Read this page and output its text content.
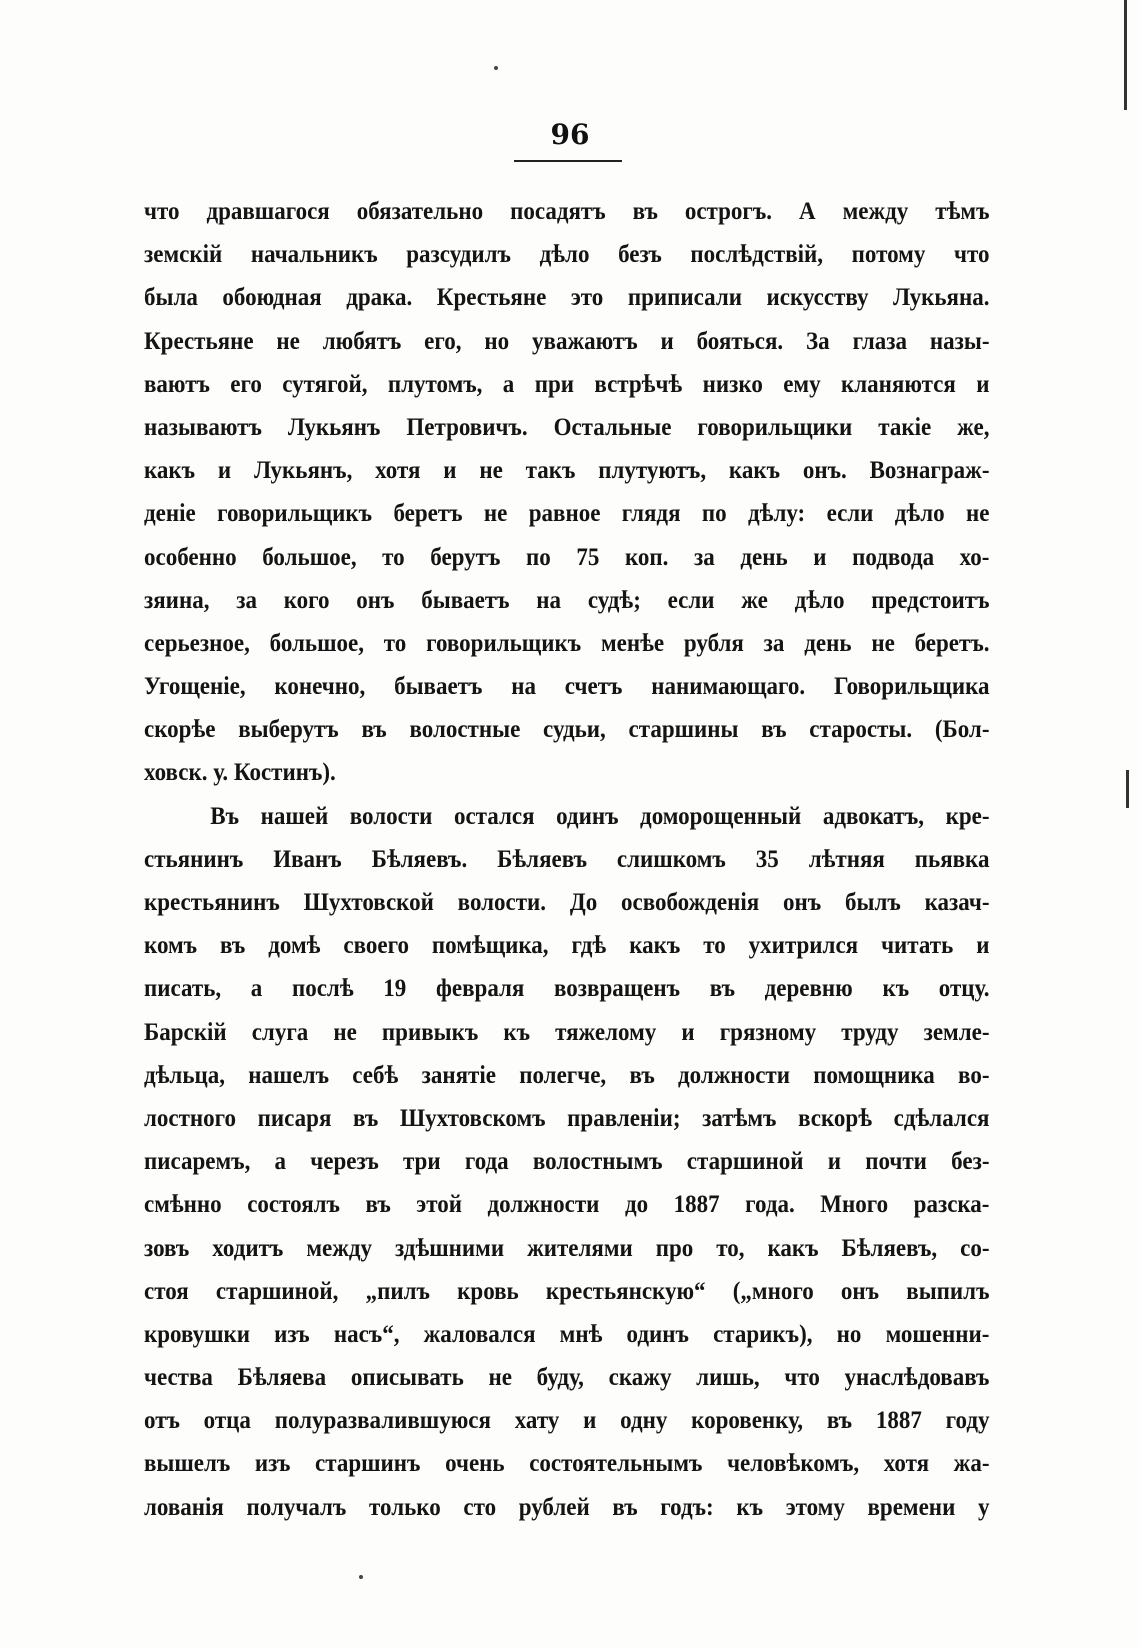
96
что дравшагося обязательно посадятъ въ острогъ. А между тѣмъ
земскій начальникъ разсудилъ дѣло безъ послѣдствій, потому что
была обоюдная драка. Крестьяне это приписали искусству Лукьяна.
Крестьяне не любятъ его, но уважаютъ и бояться. За глаза назы-
ваютъ его сутягой, плутомъ, а при встрѣчѣ низко ему кланяются и
называютъ Лукьянъ Петровичъ. Остальные говорильщики такіе же,
какъ и Лукьянъ, хотя и не такъ плутуютъ, какъ онъ. Вознаграж-
деніе говорильщикъ беретъ не равное глядя по дѣлу: если дѣло не
особенно большое, то берутъ по 75 коп. за день и подвода хо-
зяина, за кого онъ бываетъ на судѣ; если же дѣло предстоитъ
серьезное, большое, то говорильщикъ менѣе рубля за день не беретъ.
Угощеніе, конечно, бываетъ на счетъ нанимающаго. Говорильщика
скорѣе выберутъ въ волостные судьи, старшины въ старосты. (Бол-
ховск. у. Костинъ).
Въ нашей волости остался одинъ доморощенный адвокатъ, кре-
стьянинъ Иванъ Бѣляевъ. Бѣляевъ слишкомъ 35 лѣтняя пьявка
крестьянинъ Шухтовской волости. До освобожденія онъ былъ казач-
комъ въ домѣ своего помѣщика, гдѣ какъ то ухитрился читать и
писать, а послѣ 19 февраля возвращенъ въ деревню къ отцу.
Барскій слуга не привыкъ къ тяжелому и грязному труду земле-
дѣльца, нашелъ себѣ занятіе полегче, въ должности помощника во-
лостного писаря въ Шухтовскомъ правленіи; затѣмъ вскорѣ сдѣлался
писаремъ, а черезъ три года волостнымъ старшиной и почти без-
смѣнно состоялъ въ этой должности до 1887 года. Много разска-
зовъ ходитъ между здѣшними жителями про то, какъ Бѣляевъ, со-
стоя старшиной, „пилъ кровь крестьянскую“ („много онъ выпилъ
кровушки изъ насъ“, жаловался мнѣ одинъ старикъ), но мошенни-
чества Бѣляева описывать не буду, скажу лишь, что унаслѣдовавъ
отъ отца полуразвалившуюся хату и одну коровенку, въ 1887 году
вышелъ изъ старшинъ очень состоятельнымъ человѣкомъ, хотя жа-
лованія получалъ только сто рублей въ годъ: къ этому времени у
